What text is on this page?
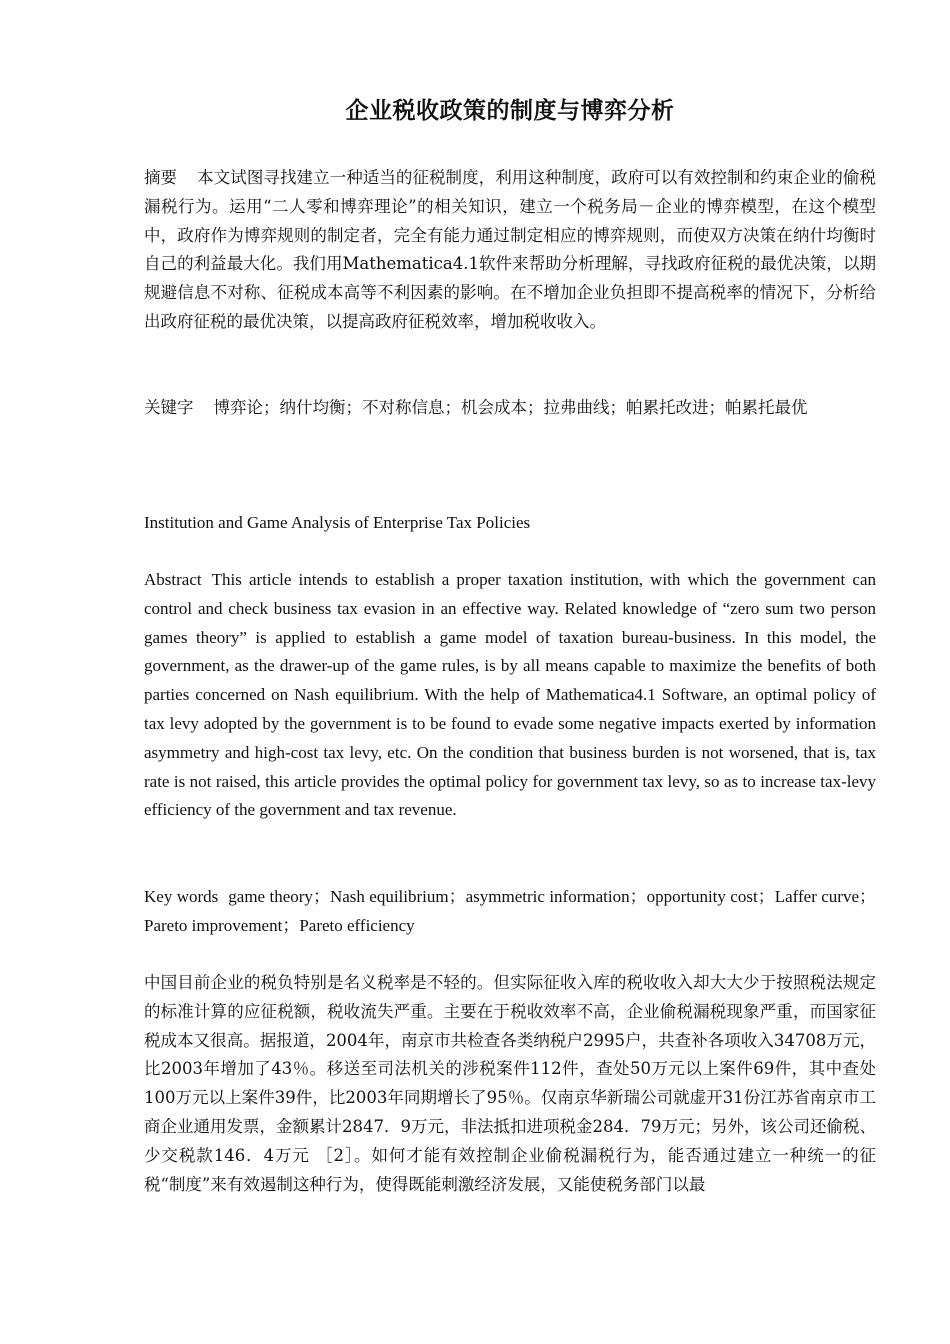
企业税收政策的制度与博弈分析

摘要 本文试图寻找建立一种适当的征税制度，利用这种制度，政府可以有效控制和约束企业的偷税漏税行为。运用“二人零和博弈理论”的相关知识，建立一个税务局－企业的博弈模型，在这个模型中，政府作为博弈规则的制定者，完全有能力通过制定相应的博弈规则，而使双方决策在纳什均衡时自己的利益最大化。我们用Mathematica4.1软件来帮助分析理解，寻找政府征税的最优决策，以期规避信息不对称、征税成本高等不利因素的影响。在不增加企业负担即不提高税率的情况下，分析给出政府征税的最优决策，以提高政府征税效率，增加税收收入。

关键字 博弈论；纳什均衡；不对称信息；机会成本；拉弗曲线；帕累托改进；帕累托最优

Institution and Game Analysis of Enterprise Tax Policies

Abstract This article intends to establish a proper taxation institution, with which the government can control and check business tax evasion in an effective way. Related knowledge of “zero sum two person games theory” is applied to establish a game model of taxation bureau-business. In this model, the government, as the drawer-up of the game rules, is by all means capable to maximize the benefits of both parties concerned on Nash equilibrium. With the help of Mathematica4.1 Software, an optimal policy of tax levy adopted by the government is to be found to evade some negative impacts exerted by information asymmetry and high-cost tax levy, etc. On the condition that business burden is not worsened, that is, tax rate is not raised, this article provides the optimal policy for government tax levy, so as to increase tax-levy efficiency of the government and tax revenue.

Key words game theory；Nash equilibrium；asymmetric information；opportunity cost；Laffer curve；Pareto improvement；Pareto efficiency

中国目前企业的税负特别是名义税率是不轻的。但实际征收入库的税收收入却大大少于按照税法规定的标准计算的应征税额，税收流失严重。主要在于税收效率不高，企业偷税漏税现象严重，而国家征税成本又很高。据报道，2004年，南京市共检查各类纳税户2995户，共查补各项收入34708万元，比2003年增加了43％。移送至司法机关的涉税案件112件，查处50万元以上案件69件，其中查处100万元以上案件39件，比2003年同期增长了95％。仅南京华新瑞公司就虚开31份江苏省南京市工商企业通用发票，金额累计2847．9万元，非法抵扣进项税金284．79万元；另外，该公司还偷税、少交税款146．4万元 ［2］。如何才能有效控制企业偷税漏税行为，能否通过建立一种统一的征税“制度”来有效遏制这种行为，使得既能刺激经济发展，又能使税务部门以最
